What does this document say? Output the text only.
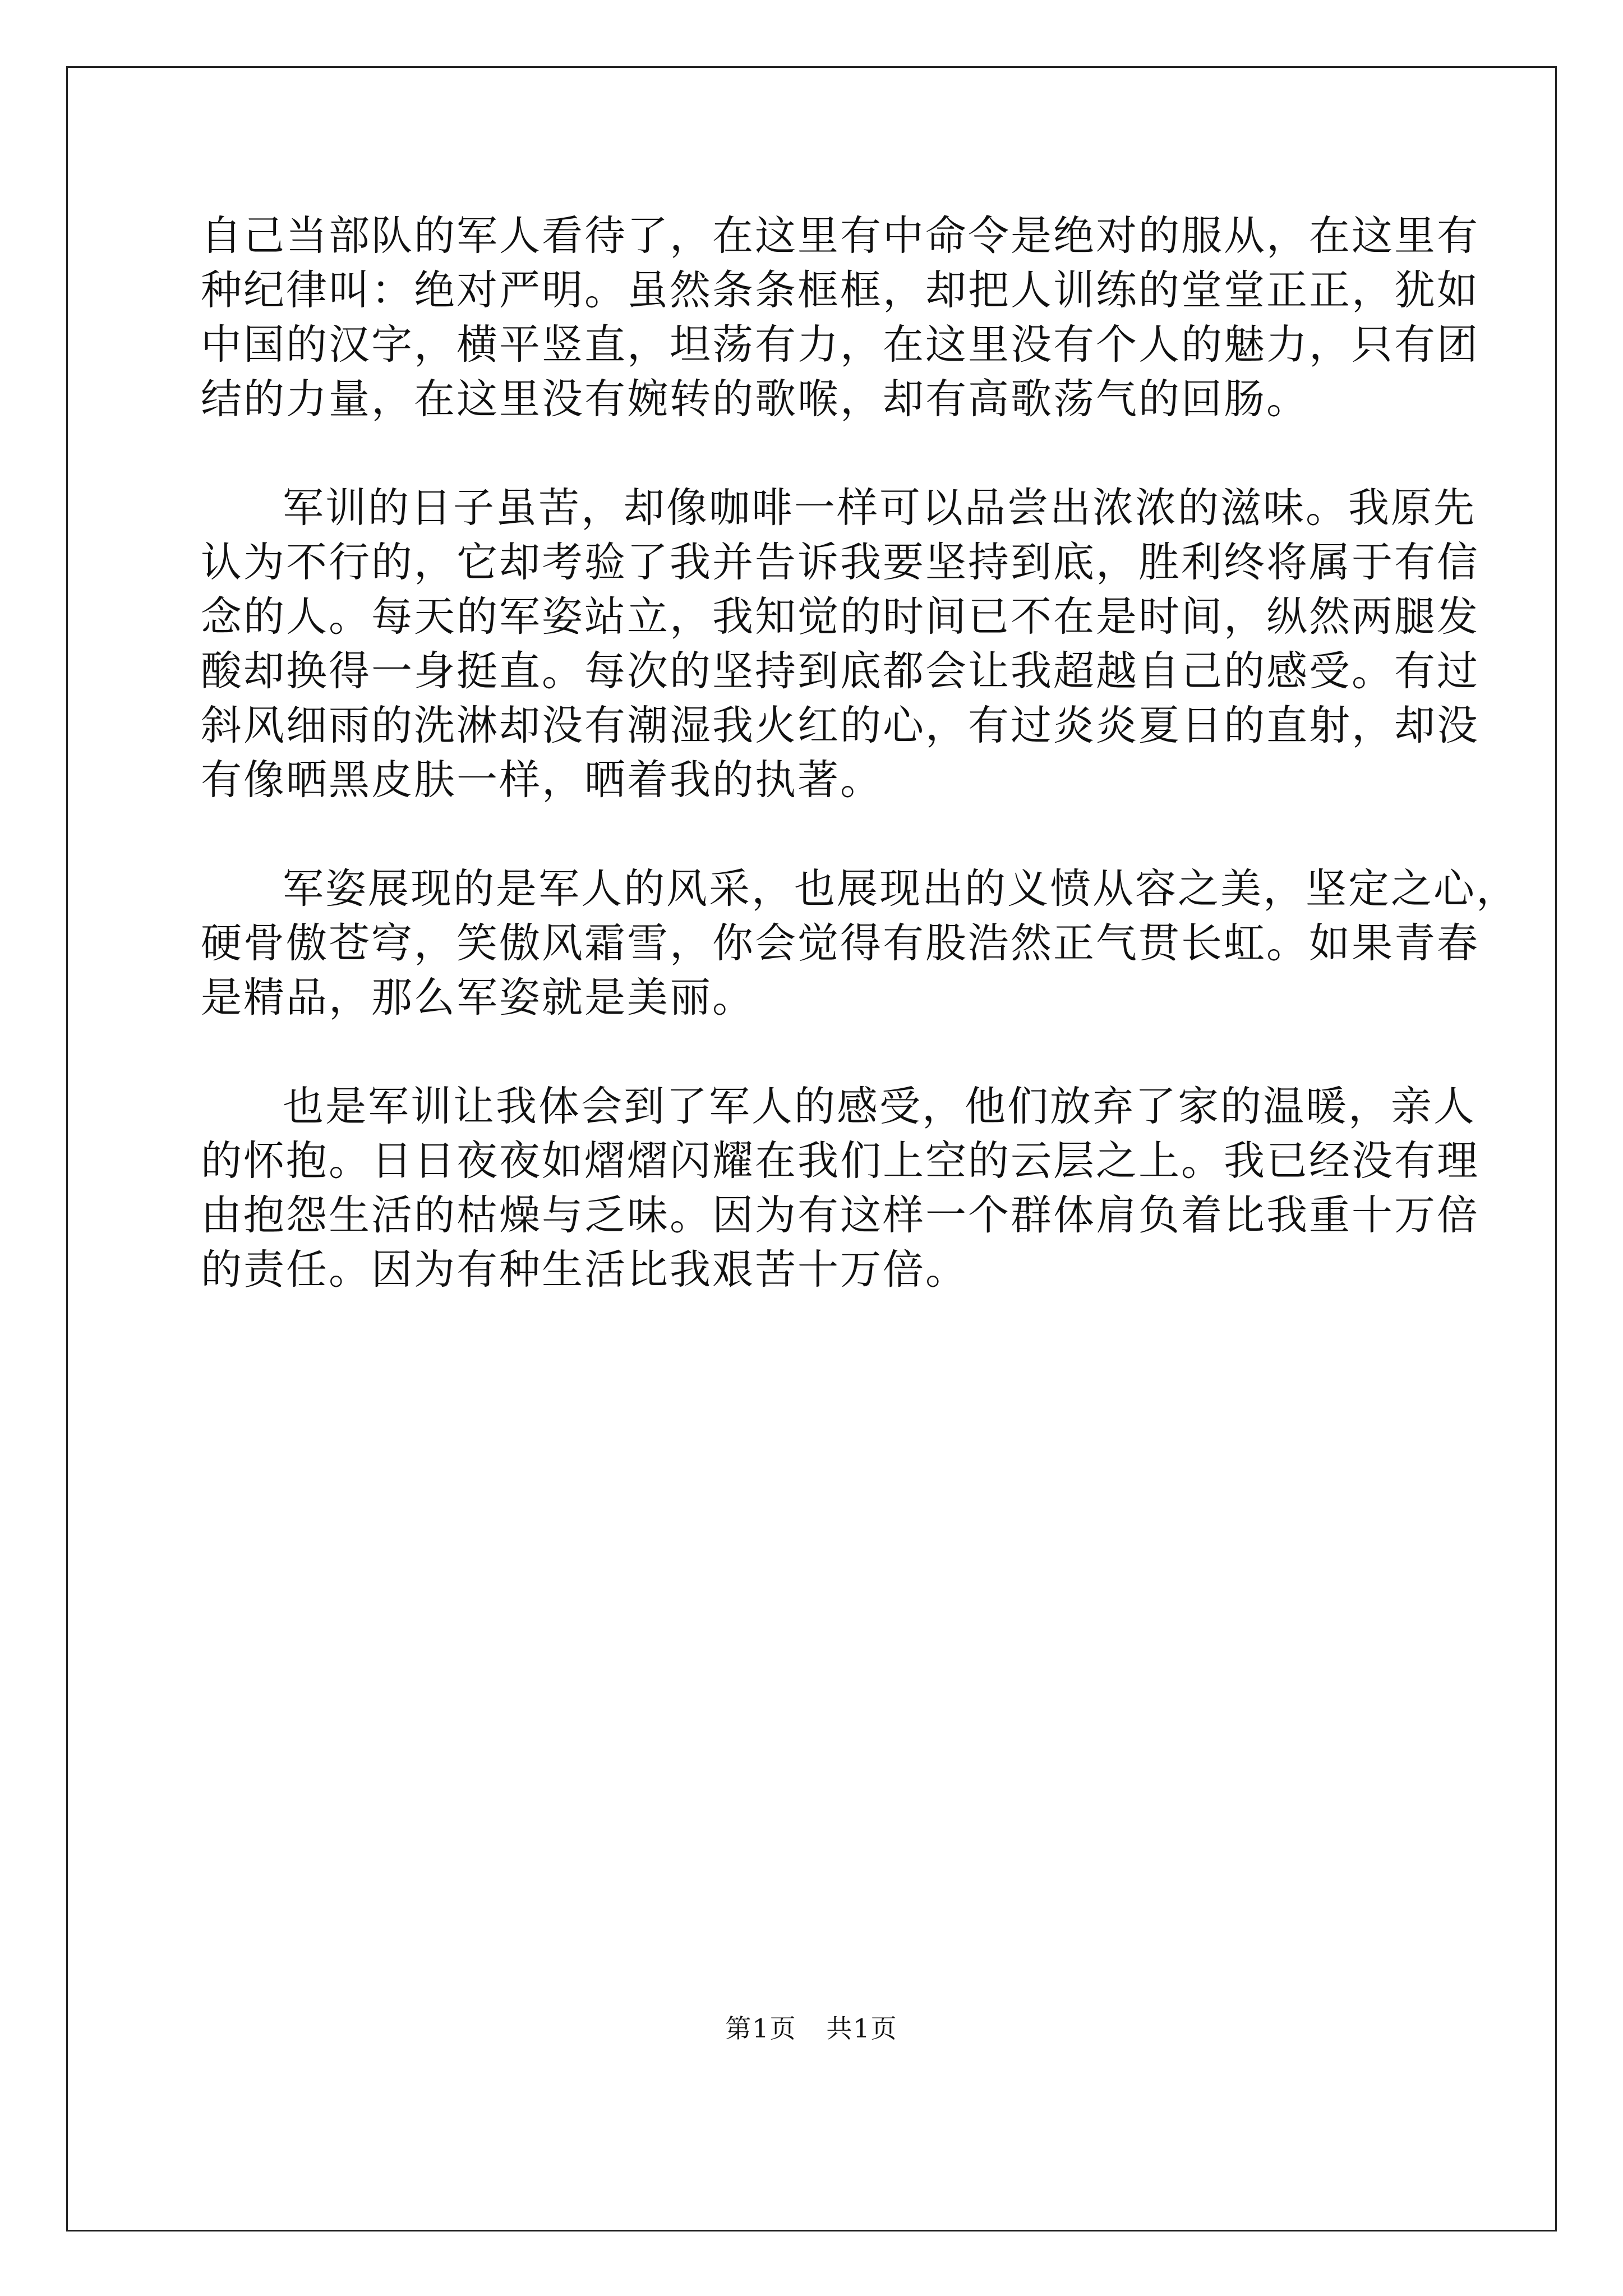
自己当部队的军人看待了，在这里有中命令是绝对的服从，在这里有
种纪律叫：绝对严明。虽然条条框框，却把人训练的堂堂正正，犹如
中国的汉字，横平竖直，坦荡有力，在这里没有个人的魅力，只有团
结的力量，在这里没有婉转的歌喉，却有高歌荡气的回肠。
军训的日子虽苦，却像咖啡一样可以品尝出浓浓的滋味。我原先
认为不行的，它却考验了我并告诉我要坚持到底，胜利终将属于有信
念的人。每天的军姿站立，我知觉的时间已不在是时间，纵然两腿发
酸却换得一身挺直。每次的坚持到底都会让我超越自己的感受。有过
斜风细雨的洗淋却没有潮湿我火红的心，有过炎炎夏日的直射，却没
有像晒黑皮肤一样，晒着我的执著。
军姿展现的是军人的风采，也展现出的义愤从容之美，坚定之心，
硬骨傲苍穹，笑傲风霜雪，你会觉得有股浩然正气贯长虹。如果青春
是精品，那么军姿就是美丽。
也是军训让我体会到了军人的感受，他们放弃了家的温暖，亲人
的怀抱。日日夜夜如熠熠闪耀在我们上空的云层之上。我已经没有理
由抱怨生活的枯燥与乏味。因为有这样一个群体肩负着比我重十万倍
的责任。因为有种生活比我艰苦十万倍。
第1页 共1页
